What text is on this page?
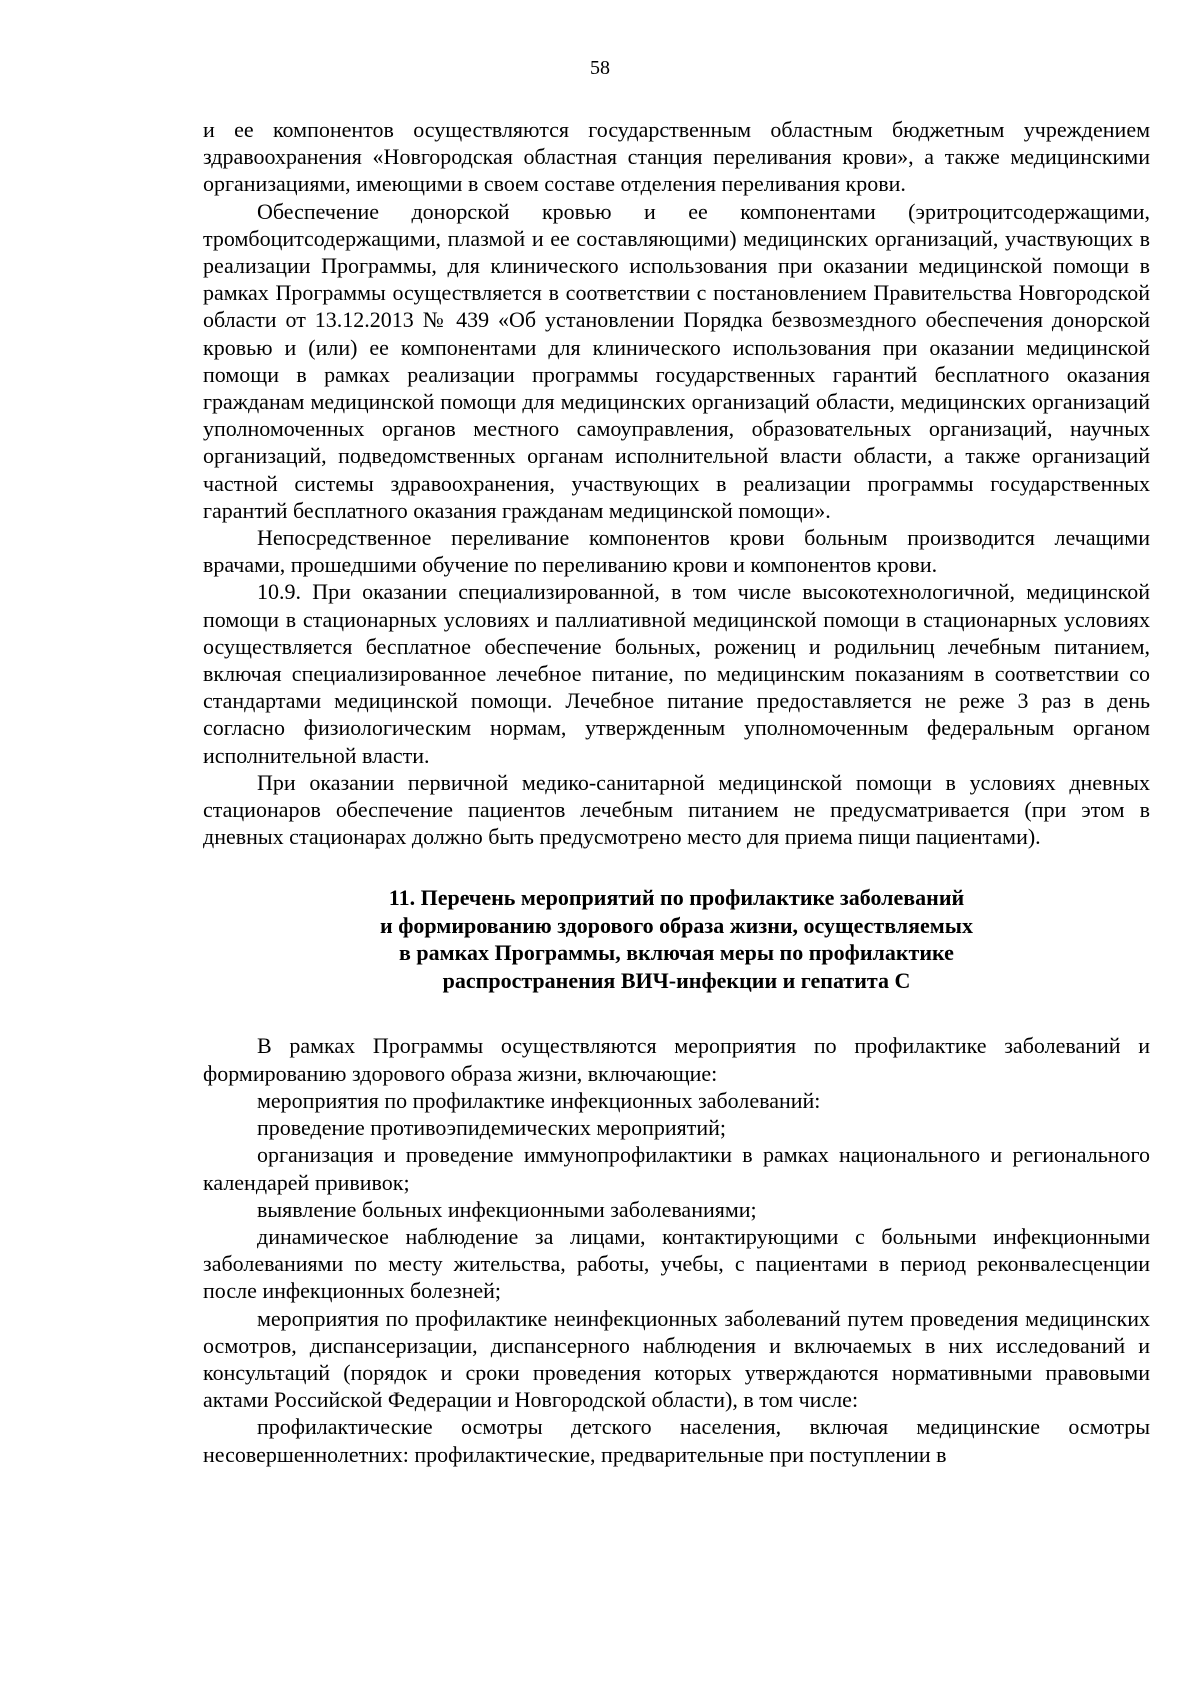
58

и ее компонентов осуществляются государственным областным бюджетным учреждением здравоохранения «Новгородская областная станция переливания крови», а также медицинскими организациями, имеющими в своем составе отделения переливания крови.

Обеспечение донорской кровью и ее компонентами (эритроцитсодержащими, тромбоцитсодержащими, плазмой и ее составляющими) медицинских организаций, участвующих в реализации Программы, для клинического использования при оказании медицинской помощи в рамках Программы осуществляется в соответствии с постановлением Правительства Новгородской области от 13.12.2013 № 439 «Об установлении Порядка безвозмездного обеспечения донорской кровью и (или) ее компонентами для клинического использования при оказании медицинской помощи в рамках реализации программы государственных гарантий бесплатного оказания гражданам медицинской помощи для медицинских организаций области, медицинских организаций уполномоченных органов местного самоуправления, образовательных организаций, научных организаций, подведомственных органам исполнительной власти области, а также организаций частной системы здравоохранения, участвующих в реализации программы государственных гарантий бесплатного оказания гражданам медицинской помощи».

Непосредственное переливание компонентов крови больным производится лечащими врачами, прошедшими обучение по переливанию крови и компонентов крови.

10.9. При оказании специализированной, в том числе высокотехнологичной, медицинской помощи в стационарных условиях и паллиативной медицинской помощи в стационарных условиях осуществляется бесплатное обеспечение больных, рожениц и родильниц лечебным питанием, включая специализированное лечебное питание, по медицинским показаниям в соответствии со стандартами медицинской помощи. Лечебное питание предоставляется не реже 3 раз в день согласно физиологическим нормам, утвержденным уполномоченным федеральным органом исполнительной власти.

При оказании первичной медико-санитарной медицинской помощи в условиях дневных стационаров обеспечение пациентов лечебным питанием не предусматривается (при этом в дневных стационарах должно быть предусмотрено место для приема пищи пациентами).

11. Перечень мероприятий по профилактике заболеваний
и формированию здорового образа жизни, осуществляемых
в рамках Программы, включая меры по профилактике
распространения ВИЧ-инфекции и гепатита С

В рамках Программы осуществляются мероприятия по профилактике заболеваний и формированию здорового образа жизни, включающие:

мероприятия по профилактике инфекционных заболеваний:

проведение противоэпидемических мероприятий;

организация и проведение иммунопрофилактики в рамках национального и регионального календарей прививок;

выявление больных инфекционными заболеваниями;

динамическое наблюдение за лицами, контактирующими с больными инфекционными заболеваниями по месту жительства, работы, учебы, с пациентами в период реконвалесценции после инфекционных болезней;

мероприятия по профилактике неинфекционных заболеваний путем проведения медицинских осмотров, диспансеризации, диспансерного наблюдения и включаемых в них исследований и консультаций (порядок и сроки проведения которых утверждаются нормативными правовыми актами Российской Федерации и Новгородской области), в том числе:

профилактические осмотры детского населения, включая медицинские осмотры несовершеннолетних: профилактические, предварительные при поступлении в
